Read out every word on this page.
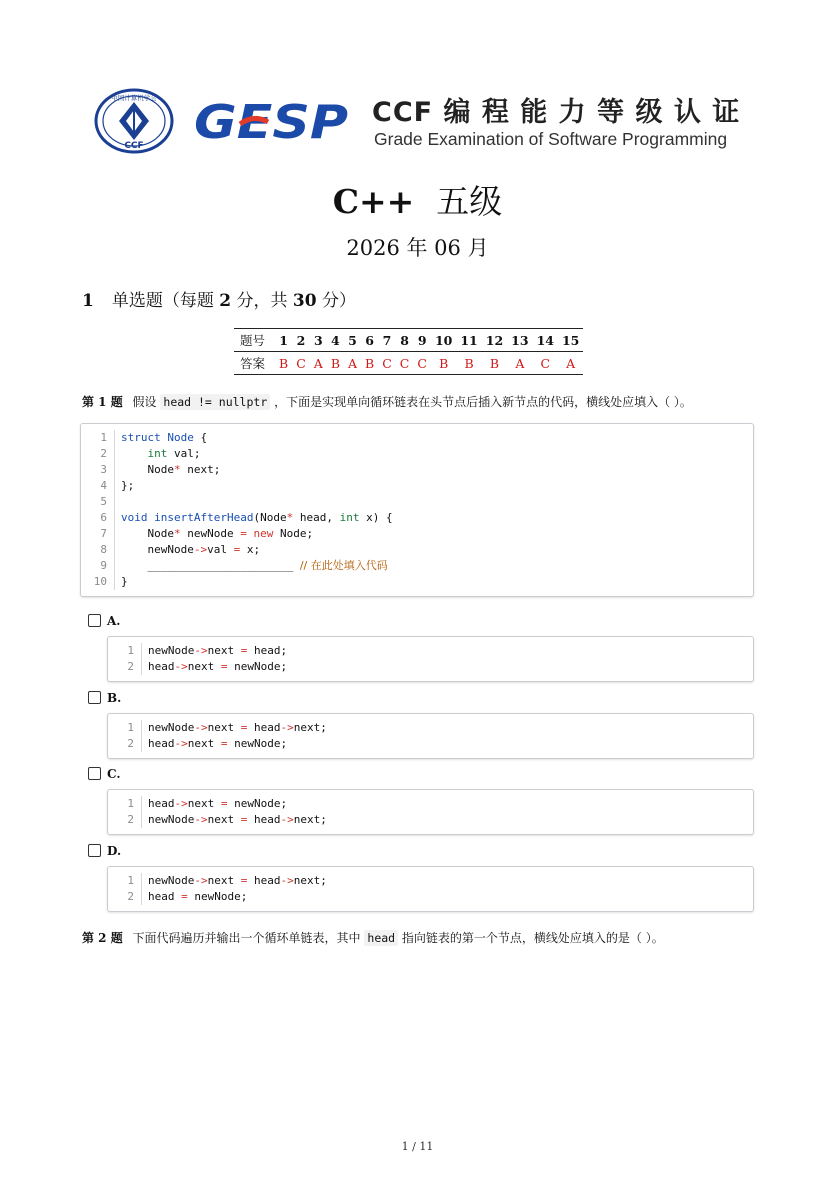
中国计算机学会
CCF GESP CCF 编 程 能 力 等 级 认 证
Grade Examination of Software Programming
C++ 五级
2026 年 06 月
1 单选题（每题 2 分，共 30 分）
题号	1	2	3	4	5	6	7	8	9	10	11	12	13	14	15
答案	B	C	A	B	A	B	C	C	C	B	B	B	A	C	A
第 1 题 假设 head != nullptr ，下面是实现单向循环链表在头节点后插入新节点的代码，横线处应填入（ ）。
1 struct Node {
2	int val;
3    Node* next;
4 };
5
6 void insertAfterHead(Node* head, int x) {
7    Node* newNode = new Node;
8    newNode->val = x;
9    ______________________ // 在此处填入代码
10 }
A.
1 newNode->next = head;
2 head->next = newNode;
B.
1 newNode->next = head->next;
2 head->next = newNode;
C.
1 head->next = newNode;
2 newNode->next = head->next;
D.
1 newNode->next = head->next;
2 head = newNode;
第 2 题 下面代码遍历并输出一个循环单链表，其中 head 指向链表的第一个节点，横线处应填入的是（ ）。
1 / 11
